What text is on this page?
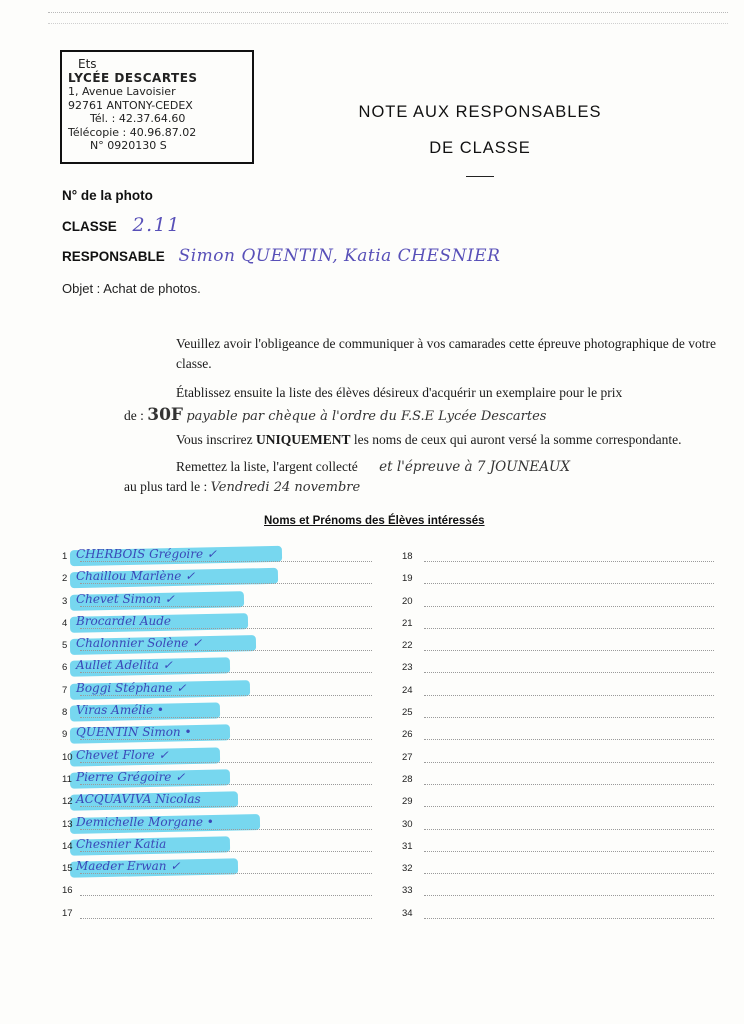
Ets
LYCÉE DESCARTES
1, Avenue Lavoisier
92761 ANTONY-CEDEX
Tél. : 42.37.64.60
Télécopie : 40.96.87.02
N° 0920130 S
NOTE AUX RESPONSABLES
DE CLASSE
N° de la photo
CLASSE 2.11
RESPONSABLE Simon QUENTIN, Katia CHESNIER
Objet : Achat de photos.
Veuillez avoir l'obligeance de communiquer à vos camarades cette épreuve photographique de votre classe.
Établissez ensuite la liste des élèves désireux d'acquérir un exemplaire pour le prix
de : 30F payable par chèque à l'ordre du F.S.E Lycée Descartes
Vous inscrirez UNIQUEMENT les noms de ceux qui auront versé la somme correspondante.
Remettez la liste, l'argent collecté et l'épreuve à 7 JOUNEAUX
au plus tard le : Vendredi 24 novembre
Noms et Prénoms des Élèves intéressés
1 CHERBOIS Grégoire ✓
2 Chaillou Marlène ✓
3 Chevet Simon ✓
4 Brocardel Aude
5 Chalonnier Solène ✓
6 Aullet Adelita ✓
7 Boggi Stéphane ✓
8 Viras Amélie •
9 QUENTIN Simon •
10 Chevet Flore ✓
11 Pierre Grégoire ✓
12 ACQUAVIVA Nicolas
13 Demichelle Morgane •
14 Chesnier Katia
15 Maeder Erwan ✓
16
17
18
19
20
21
22
23
24
25
26
27
28
29
30
31
32
33
34
